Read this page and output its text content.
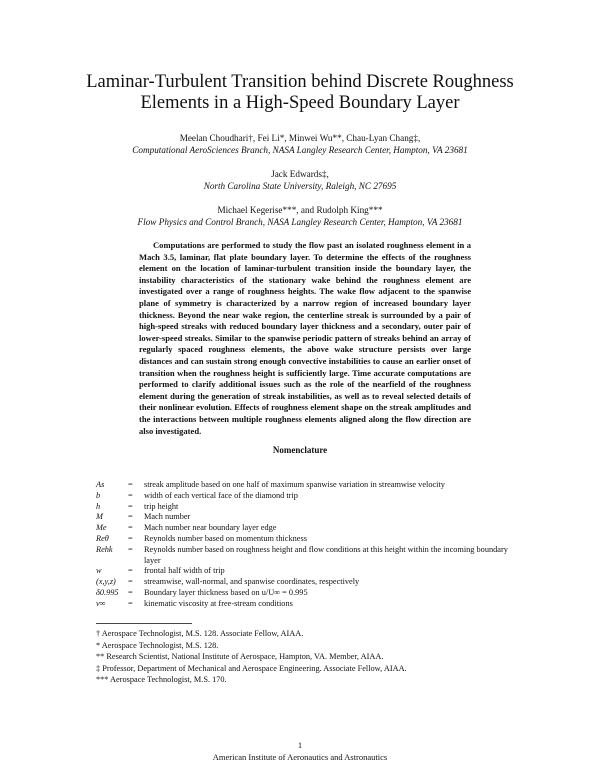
Laminar-Turbulent Transition behind Discrete Roughness
Elements in a High-Speed Boundary Layer
Meelan Choudhari†, Fei Li*, Minwei Wu**, Chau-Lyan Chang‡,
Computational AeroSciences Branch, NASA Langley Research Center, Hampton, VA 23681
Jack Edwards‡,
North Carolina State University, Raleigh, NC 27695
Michael Kegerise***, and Rudolph King***
Flow Physics and Control Branch, NASA Langley Research Center, Hampton, VA 23681
Computations are performed to study the flow past an isolated roughness element in a Mach 3.5, laminar, flat plate boundary layer. To determine the effects of the roughness element on the location of laminar-turbulent transition inside the boundary layer, the instability characteristics of the stationary wake behind the roughness element are investigated over a range of roughness heights. The wake flow adjacent to the spanwise plane of symmetry is characterized by a narrow region of increased boundary layer thickness. Beyond the near wake region, the centerline streak is surrounded by a pair of high-speed streaks with reduced boundary layer thickness and a secondary, outer pair of lower-speed streaks. Similar to the spanwise periodic pattern of streaks behind an array of regularly spaced roughness elements, the above wake structure persists over large distances and can sustain strong enough convective instabilities to cause an earlier onset of transition when the roughness height is sufficiently large. Time accurate computations are performed to clarify additional issues such as the role of the nearfield of the roughness element during the generation of streak instabilities, as well as to reveal selected details of their nonlinear evolution. Effects of roughness element shape on the streak amplitudes and the interactions between multiple roughness elements aligned along the flow direction are also investigated.
Nomenclature
As	=	streak amplitude based on one half of maximum spanwise variation in streamwise velocity
b	=	width of each vertical face of the diamond trip
h	=	trip height
M	=	Mach number
Me	=	Mach number near boundary layer edge
Reθ	=	Reynolds number based on momentum thickness
Rehk	=	Reynolds number based on roughness height and flow conditions at this height within the incoming boundary layer
w	=	frontal half width of trip
(x,y,z)	=	streamwise, wall-normal, and spanwise coordinates, respectively
δ0.995	=	Boundary layer thickness based on u/U∞ = 0.995
ν∞	=	kinematic viscosity at free-stream conditions
† Aerospace Technologist, M.S. 128. Associate Fellow, AIAA.
* Aerospace Technologist, M.S. 128.
** Research Scientist, National Institute of Aerospace, Hampton, VA. Member, AIAA.
‡ Professor, Department of Mechanical and Aerospace Engineering. Associate Fellow, AIAA.
*** Aerospace Technologist, M.S. 170.
1
American Institute of Aeronautics and Astronautics
